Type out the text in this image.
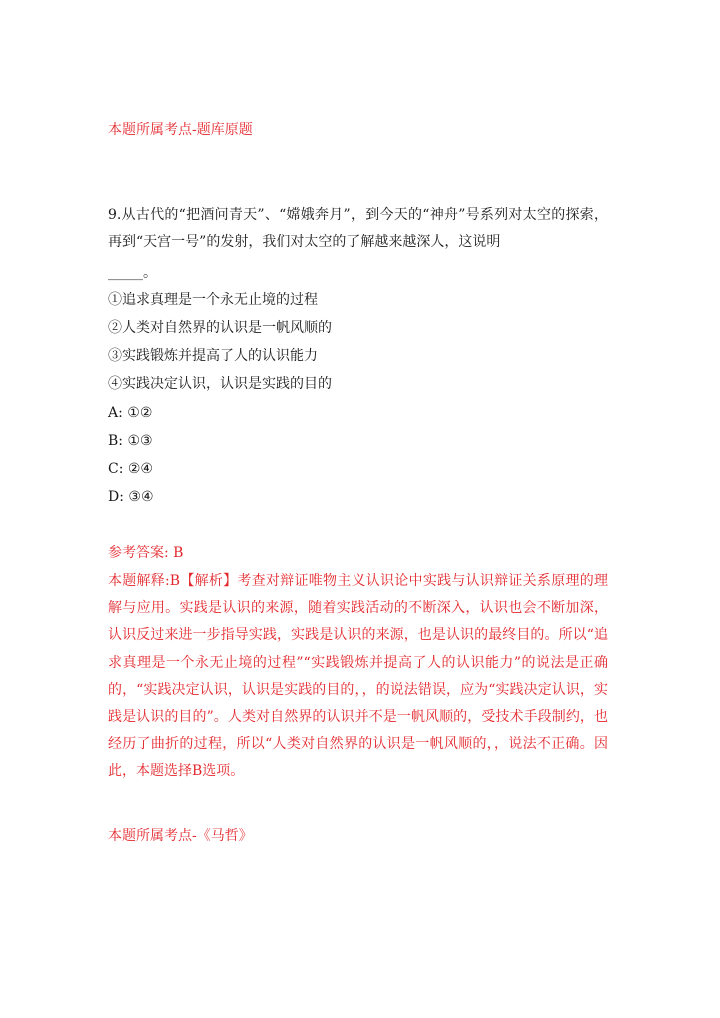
本题所属考点-题库原题
9.从古代的“把酒问青天”、“嫦娥奔月”，到今天的“神舟”号系列对太空的探索，再到“天宫一号”的发射，我们对太空的了解越来越深人，这说明
_____。
①追求真理是一个永无止境的过程
②人类对自然界的认识是一帆风顺的
③实践锻炼并提高了人的认识能力
④实践决定认识，认识是实践的目的
A: ①②
B: ①③
C: ②④
D: ③④
参考答案: B
本题解释:B【解析】考查对辩证唯物主义认识论中实践与认识辩证关系原理的理解与应用。实践是认识的来源，随着实践活动的不断深入，认识也会不断加深，认识反过来进一步指导实践，实践是认识的来源，也是认识的最终目的。所以“追求真理是一个永无止境的过程”“实践锻炼并提高了人的认识能力”的说法是正确的，“实践决定认识，认识是实践的目的，，的说法错误，应为“实践决定认识，实践是认识的目的”。人类对自然界的认识并不是一帆风顺的，受技术手段制约，也经历了曲折的过程，所以“人类对自然界的认识是一帆风顺的，，说法不正确。因此，本题选择B选项。
本题所属考点-《马哲》
